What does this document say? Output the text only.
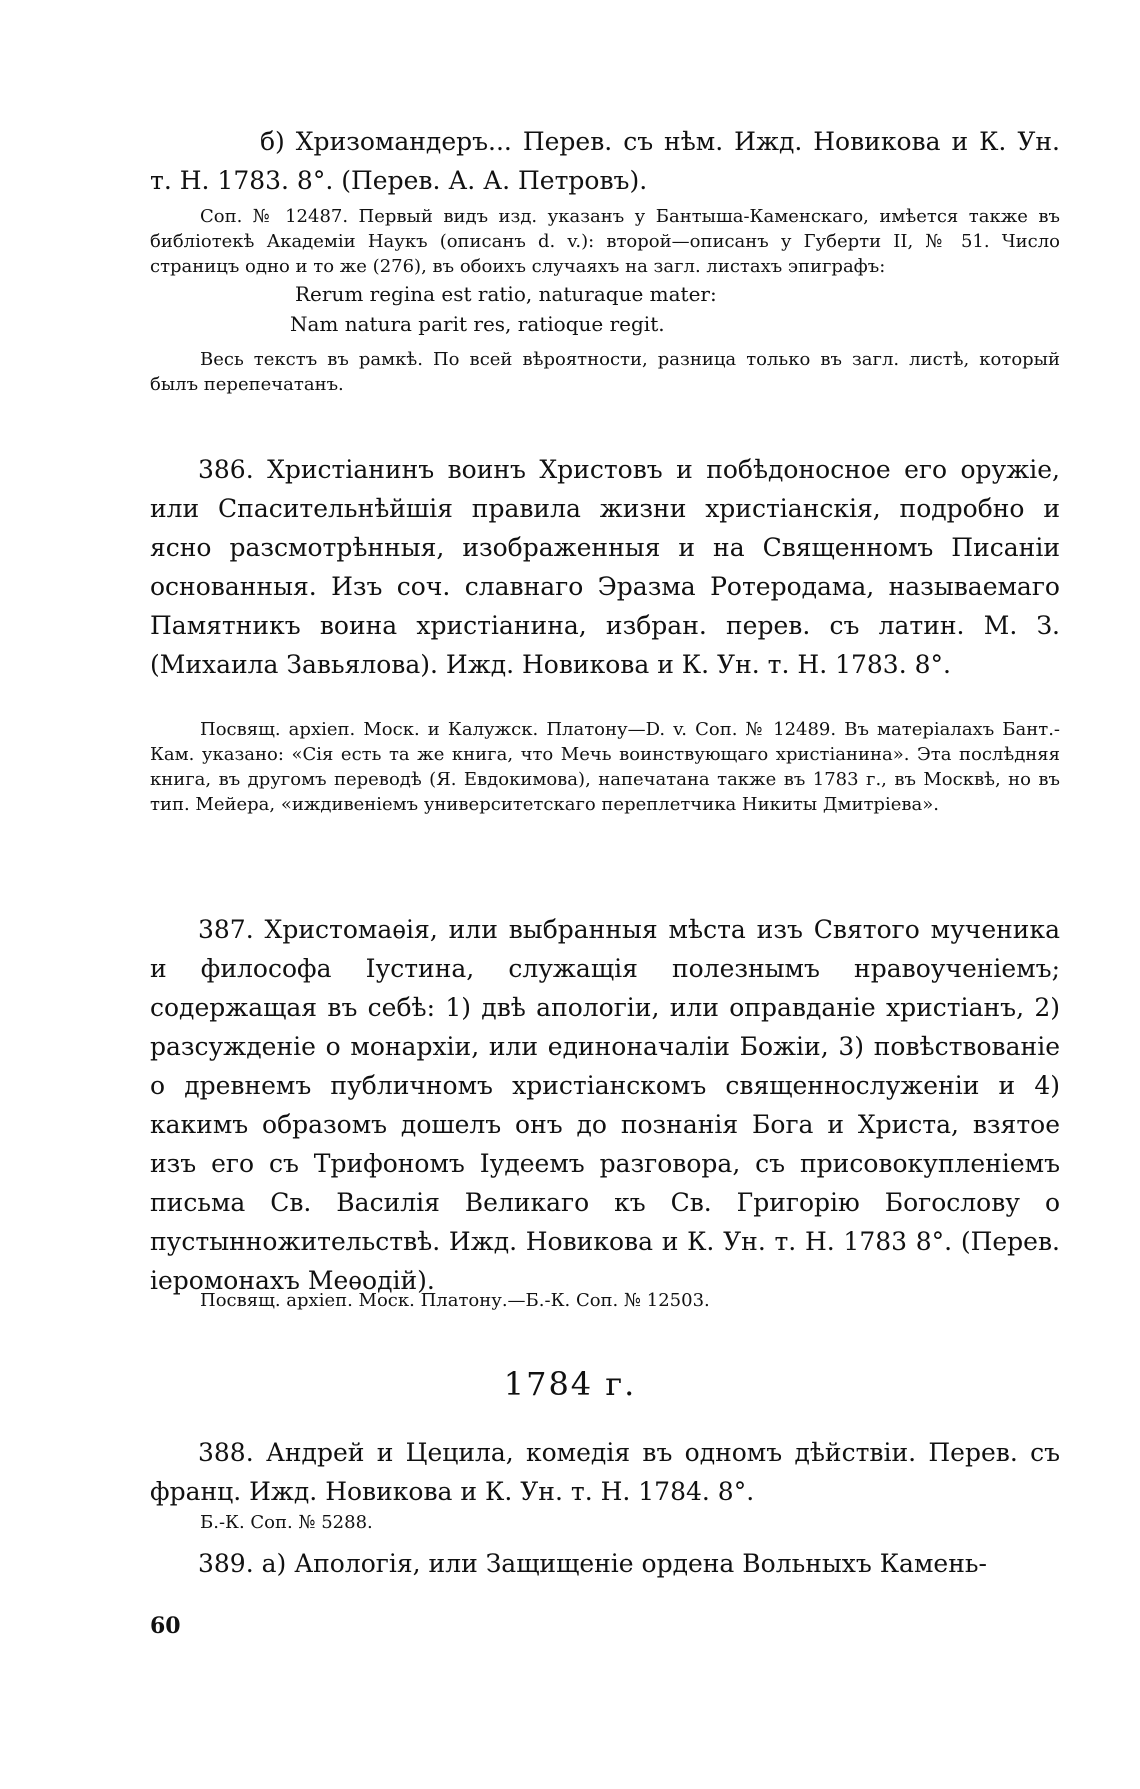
б) Хризомандеръ... Перев. съ нѣм. Ижд. Новикова и К. Ун. т. Н. 1783. 8°. (Перев. А. А. Петровъ).

Соп. № 12487. Первый видъ изд. указанъ у Бантыша-Каменскаго, имѣется также въ библіотекѣ Академіи Наукъ (описанъ d. v.): второй—описанъ у Губерти II, № 51. Число страницъ одно и то же (276), въ обоихъ случаяхъ на загл. листахъ эпиграфъ:

Rerum regina est ratio, naturaque mater:

Nam natura parit res, ratioque regit.

Весь текстъ въ рамкѣ. По всей вѣроятности, разница только въ загл. листѣ, который былъ перепечатанъ.

386. Христіанинъ воинъ Христовъ и побѣдоносное его оружіе, или Спасительнѣйшія правила жизни христіанскія, подробно и ясно разсмотрѣнныя, изображенныя и на Священномъ Писаніи основанныя. Изъ соч. славнаго Эразма Ротеродама, называемаго Памятникъ воина христіанина, избран. перев. съ латин. М. З. (Михаила Завьялова). Ижд. Новикова и К. Ун. т. Н. 1783. 8°.

Посвящ. архіеп. Моск. и Калужск. Платону—D. v. Соп. № 12489. Въ матеріалахъ Бант.-Кам. указано: «Сія есть та же книга, что Мечь воинствующаго христіанина». Эта послѣдняя книга, въ другомъ переводѣ (Я. Евдокимова), напечатана также въ 1783 г., въ Москвѣ, но въ тип. Мейера, «иждивеніемъ университетскаго переплетчика Никиты Дмитріева».

387. Христомаѳія, или выбранныя мѣста изъ Святого мученика и философа Іустина, служащія полезнымъ нравоученіемъ; содержащая въ себѣ: 1) двѣ апологіи, или оправданіе христіанъ, 2) разсужденіе о монархіи, или единоначаліи Божіи, 3) повѣствованіе о древнемъ публичномъ христіанскомъ священнослуженіи и 4) какимъ образомъ дошелъ онъ до познанія Бога и Христа, взятое изъ его съ Трифономъ Іудеемъ разговора, съ присовокупленіемъ письма Св. Василія Великаго къ Св. Григорію Богослову о пустынножительствѣ. Ижд. Новикова и К. Ун. т. Н. 1783 8°. (Перев. іеромонахъ Меѳодій).

Посвящ. архіеп. Моск. Платону.—Б.-К. Соп. № 12503.

1784 г.

388. Андрей и Цецила, комедія въ одномъ дѣйствіи. Перев. съ франц. Ижд. Новикова и К. Ун. т. Н. 1784. 8°.

Б.-К. Соп. № 5288.

389. а) Апологія, или Защищеніе ордена Вольныхъ Камень-

60
